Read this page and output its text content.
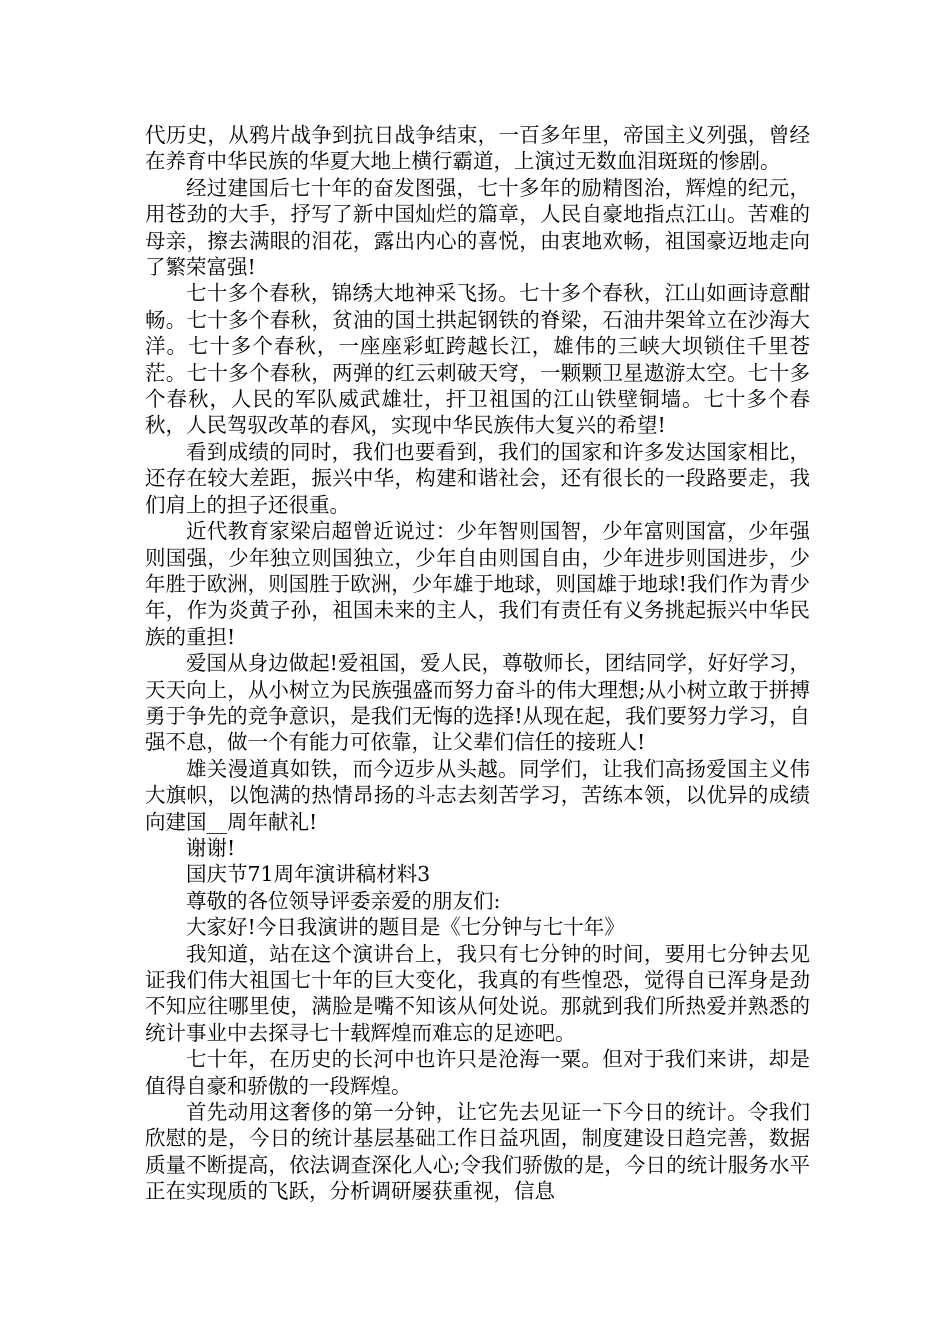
代历史，从鸦片战争到抗日战争结束，一百多年里，帝国主义列强，曾经在养育中华民族的华夏大地上横行霸道，上演过无数血泪斑斑的惨剧。

经过建国后七十年的奋发图强，七十多年的励精图治，辉煌的纪元，用苍劲的大手，抒写了新中国灿烂的篇章，人民自豪地指点江山。苦难的母亲，擦去满眼的泪花，露出内心的喜悦，由衷地欢畅，祖国豪迈地走向了繁荣富强!

七十多个春秋，锦绣大地神采飞扬。七十多个春秋，江山如画诗意酣畅。七十多个春秋，贫油的国土拱起钢铁的脊梁，石油井架耸立在沙海大洋。七十多个春秋，一座座彩虹跨越长江，雄伟的三峡大坝锁住千里苍茫。七十多个春秋，两弹的红云刺破天穹，一颗颗卫星遨游太空。七十多个春秋，人民的军队威武雄壮，扞卫祖国的江山铁壁铜墙。七十多个春秋，人民驾驭改革的春风，实现中华民族伟大复兴的希望!

看到成绩的同时，我们也要看到，我们的国家和许多发达国家相比，还存在较大差距，振兴中华，构建和谐社会，还有很长的一段路要走，我们肩上的担子还很重。

近代教育家梁启超曾近说过：少年智则国智，少年富则国富，少年强则国强，少年独立则国独立，少年自由则国自由，少年进步则国进步，少年胜于欧洲，则国胜于欧洲，少年雄于地球，则国雄于地球!我们作为青少年，作为炎黄子孙，祖国未来的主人，我们有责任有义务挑起振兴中华民族的重担!

爱国从身边做起!爱祖国，爱人民，尊敬师长，团结同学，好好学习，天天向上，从小树立为民族强盛而努力奋斗的伟大理想;从小树立敢于拼搏勇于争先的竞争意识，是我们无悔的选择!从现在起，我们要努力学习，自强不息，做一个有能力可依靠，让父辈们信任的接班人!

雄关漫道真如铁，而今迈步从头越。同学们，让我们高扬爱国主义伟大旗帜，以饱满的热情昂扬的斗志去刻苦学习，苦练本领，以优异的成绩向建国__周年献礼!

谢谢!

国庆节71周年演讲稿材料3

尊敬的各位领导评委亲爱的朋友们:

大家好!今日我演讲的题目是《七分钟与七十年》

我知道，站在这个演讲台上，我只有七分钟的时间，要用七分钟去见证我们伟大祖国七十年的巨大变化，我真的有些惶恐，觉得自已浑身是劲不知应往哪里使，满脸是嘴不知该从何处说。那就到我们所热爱并熟悉的统计事业中去探寻七十载辉煌而难忘的足迹吧。

七十年，在历史的长河中也许只是沧海一粟。但对于我们来讲，却是值得自豪和骄傲的一段辉煌。

首先动用这奢侈的第一分钟，让它先去见证一下今日的统计。令我们欣慰的是，今日的统计基层基础工作日益巩固，制度建设日趋完善，数据质量不断提高，依法调查深化人心;令我们骄傲的是，今日的统计服务水平正在实现质的飞跃，分析调研屡获重视，信息
